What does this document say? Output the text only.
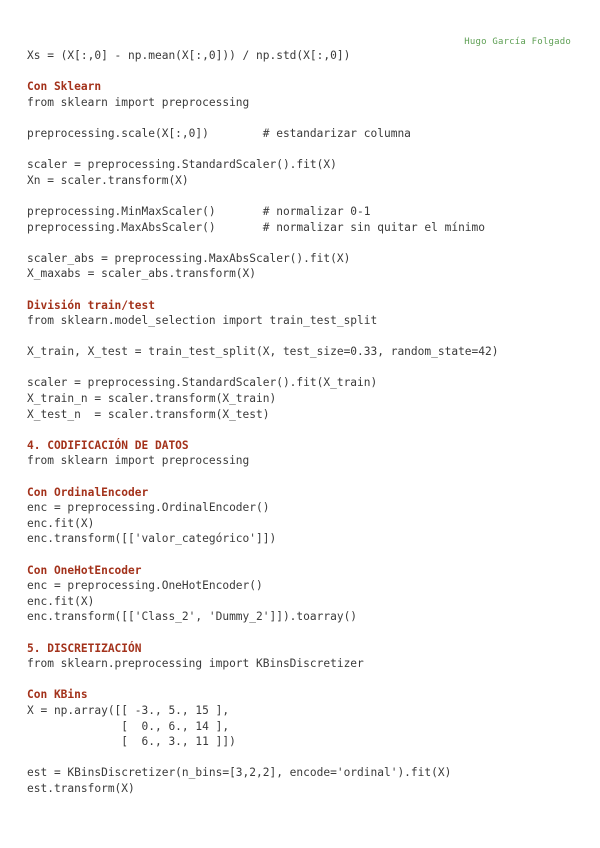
Hugo García Folgado
Xs = (X[:,0] - np.mean(X[:,0])) / np.std(X[:,0])
Con Sklearn
from sklearn import preprocessing
preprocessing.scale(X[:,0])        # estandarizar columna
scaler = preprocessing.StandardScaler().fit(X)
Xn = scaler.transform(X)
preprocessing.MinMaxScaler()       # normalizar 0-1
preprocessing.MaxAbsScaler()       # normalizar sin quitar el mínimo
scaler_abs = preprocessing.MaxAbsScaler().fit(X)
X_maxabs = scaler_abs.transform(X)
División train/test
from sklearn.model_selection import train_test_split
X_train, X_test = train_test_split(X, test_size=0.33, random_state=42)
scaler = preprocessing.StandardScaler().fit(X_train)
X_train_n = scaler.transform(X_train)
X_test_n  = scaler.transform(X_test)
4. CODIFICACIÓN DE DATOS
from sklearn import preprocessing
Con OrdinalEncoder
enc = preprocessing.OrdinalEncoder()
enc.fit(X)
enc.transform([['valor_categórico']])
Con OneHotEncoder
enc = preprocessing.OneHotEncoder()
enc.fit(X)
enc.transform([['Class_2', 'Dummy_2']]).toarray()
5. DISCRETIZACIÓN
from sklearn.preprocessing import KBinsDiscretizer
Con KBins
X = np.array([[ -3., 5., 15 ],
[  0., 6., 14 ],
[  6., 3., 11 ]])
est = KBinsDiscretizer(n_bins=[3,2,2], encode='ordinal').fit(X)
est.transform(X)
